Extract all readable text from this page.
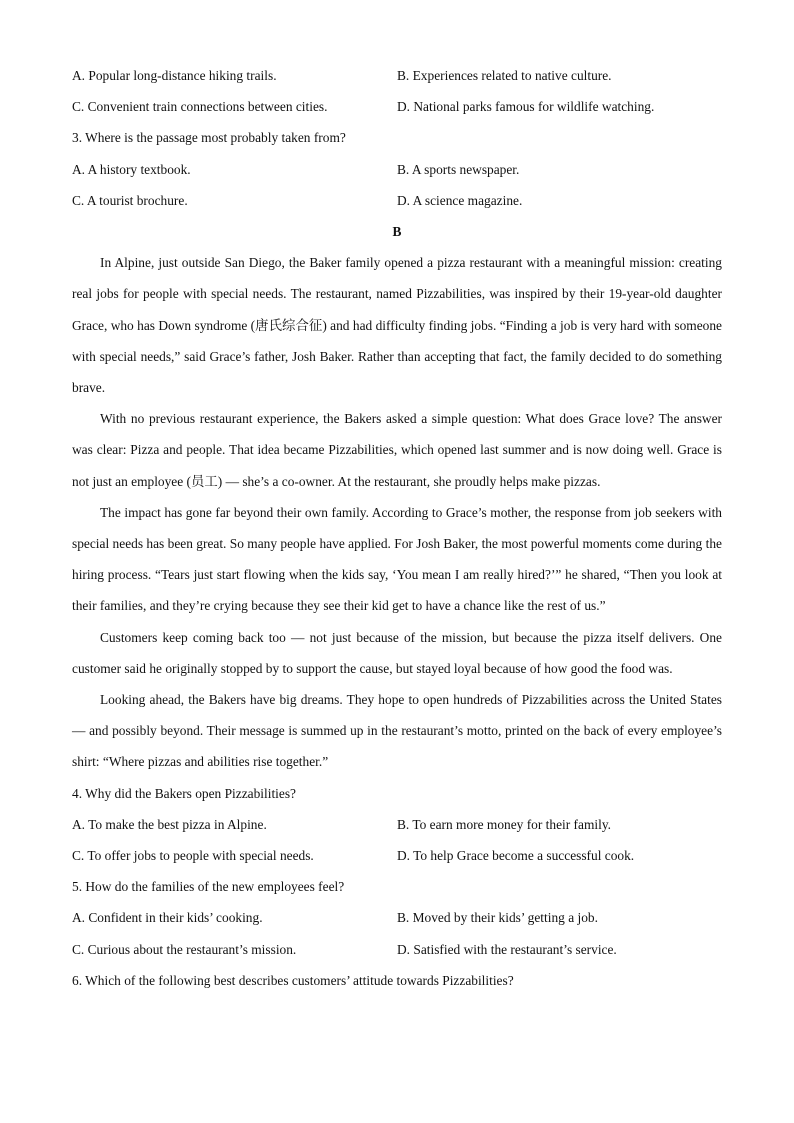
A. Popular long-distance hiking trails.	B. Experiences related to native culture.
C. Convenient train connections between cities.	D. National parks famous for wildlife watching.
3. Where is the passage most probably taken from?
A. A history textbook.	B. A sports newspaper.
C. A tourist brochure.	D. A science magazine.
B

In Alpine, just outside San Diego, the Baker family opened a pizza restaurant with a meaningful mission: creating real jobs for people with special needs. The restaurant, named Pizzabilities, was inspired by their 19-year-old daughter Grace, who has Down syndrome (唐氏综合征) and had difficulty finding jobs. “Finding a job is very hard with someone with special needs,” said Grace’s father, Josh Baker. Rather than accepting that fact, the family decided to do something brave.

With no previous restaurant experience, the Bakers asked a simple question: What does Grace love? The answer was clear: Pizza and people. That idea became Pizzabilities, which opened last summer and is now doing well. Grace is not just an employee (员工) — she’s a co-owner. At the restaurant, she proudly helps make pizzas.

The impact has gone far beyond their own family. According to Grace’s mother, the response from job seekers with special needs has been great. So many people have applied. For Josh Baker, the most powerful moments come during the hiring process. “Tears just start flowing when the kids say, ‘You mean I am really hired?’” he shared, “Then you look at their families, and they’re crying because they see their kid get to have a chance like the rest of us.”

Customers keep coming back too — not just because of the mission, but because the pizza itself delivers. One customer said he originally stopped by to support the cause, but stayed loyal because of how good the food was.

Looking ahead, the Bakers have big dreams. They hope to open hundreds of Pizzabilities across the United States — and possibly beyond. Their message is summed up in the restaurant’s motto, printed on the back of every employee’s shirt: “Where pizzas and abilities rise together.”

4. Why did the Bakers open Pizzabilities?
A. To make the best pizza in Alpine.	B. To earn more money for their family.
C. To offer jobs to people with special needs.	D. To help Grace become a successful cook.
5. How do the families of the new employees feel?
A. Confident in their kids’ cooking.	B. Moved by their kids’ getting a job.
C. Curious about the restaurant’s mission.	D. Satisfied with the restaurant’s service.
6. Which of the following best describes customers’ attitude towards Pizzabilities?
